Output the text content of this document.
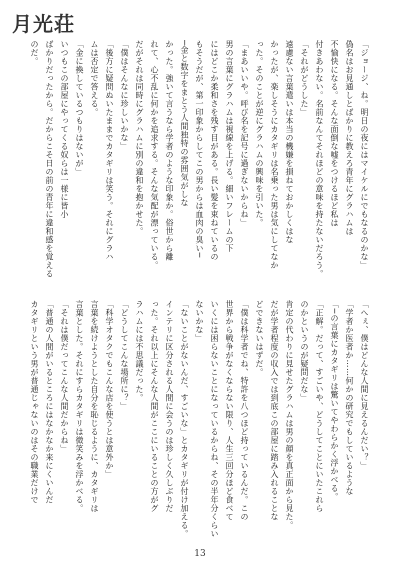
月光荘
「ジョージ、ね。明日の夜にはマイケルにでもなるのかな」
偽名はお見通しとばかりに教えろ青年にグラハムは
不愉快になる。そんな面倒な嘘をつけるほど私は
付きあわない。名前なんてそれほどの意味を持たないだろう。
「それがどうした」
遠慮ない言葉遣いは本当の機嫌を損ねておかしくはな
かったが、楽しそうにカタギリは名乗った男は気にしてなか
った。そのことが逆にグラハムの興味を引いた。
「まあいいや。呼び名を記号に過ぎないからね」
男の言葉にグラハムは視線を上げる。細いフレームの下
にはどこか柔和さを残す目がある。長い髪を束ねているの
もそうだが、第一印象からしてこの男からは血肉の臭い─
─金と数字をまとう人間独特の雰囲気がしな
かった。強いて言うなら学者のような印象か。俗世から離
れて、心不乱に何かを追求する。そんな気配が漂っている。
だがそれは同時にグラハムに別の違和を抱かせた。
「僕はそんなに珍しいかな」
「後方に疑問ぬいたままでカタギリは笑う。それにグラハ
ムは否定で答える。
「金に換しているつもりはないが」
いつもこの部屋にやってくる奴らは一様に皆小
ばかりだったから。だからこそ日の前の青年に違和感を覚える
のだ。
「へぇ、僕はどんな人間に見えるんだい？」
「学者か医者か……何かの研究でもしているような
「─の言葉にカタギリは驚いてやわらかく浮かべる。
「正解。だって、すごいや、どうしてことにいたこれら
のかというのが疑問だな」
肯定の代わりに見せたグラハムは男の顔を真正面から見た。
だが学者程度の収入では到底この部屋に踏み入れることな
どできないはずだ。
「僕は科学者でね、特許を八つほど持っているんだ。この
世界から戦争がなくならない限り、人生三回分ほど食べて
いくには困らないことになっているからね、その半年分くらい
ないかな」
「ないことがないんだ、すごいな」とカタギリが付け加える。
インテリに区分される人間に会うのは珍しく久しぶりだ
った。それ以上にそんな人間がここにいることの方がグ
ラハムには不思議だった。
「どうしてこんな場所に？」
「科学オタクでもこんな店を使うとは意外か」
言葉を続けようとした自分を恥じるように、カタギリは
言葉とした。それにすらカタギリは微笑みを浮かべる。
「それは僕だってこんな人間だからね」
「普通の人間がいるところにはなかなか来にくいんだ
カタギリという男が普通じゃないのはその職業だけで
13
